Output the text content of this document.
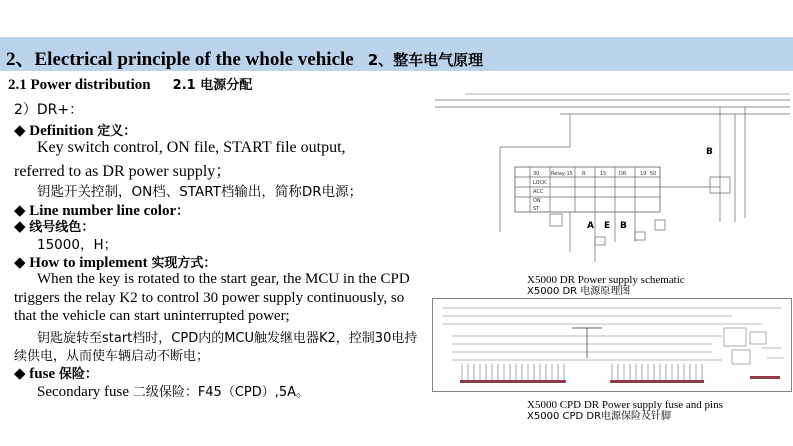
2、Electrical principle of the whole vehicle 2、整车电气原理
2.1 Power distribution 2.1 电源分配
2）DR+：
◆ Definition 定义：
Key switch control, ON file, START file output,
referred to as DR power supply；
钥匙开关控制，ON档、START档输出，简称DR电源；
◆ Line number line color：
◆ 线号线色：
15000，H；
◆ How to implement 实现方式：
When the key is rotated to the start gear, the MCU in the CPD
triggers the relay K2 to control 30 power supply continuously, so
that the vehicle can start uninterrupted power;
钥匙旋转至start档时，CPD内的MCU触发继电器K2，控制30电持
续供电，从而使车辆启动不断电；
◆ fuse 保险：
Secondary fuse 二级保险：F45（CPD）,5A。
30 Relay-15 R	15	DR	19 50
LOCK
ACC
ON
ST
A E B
B
X5000 DR Power supply schematic
X5000 DR 电源原理图
X5000 CPD DR Power supply fuse and pins
X5000 CPD DR电源保险及针脚
